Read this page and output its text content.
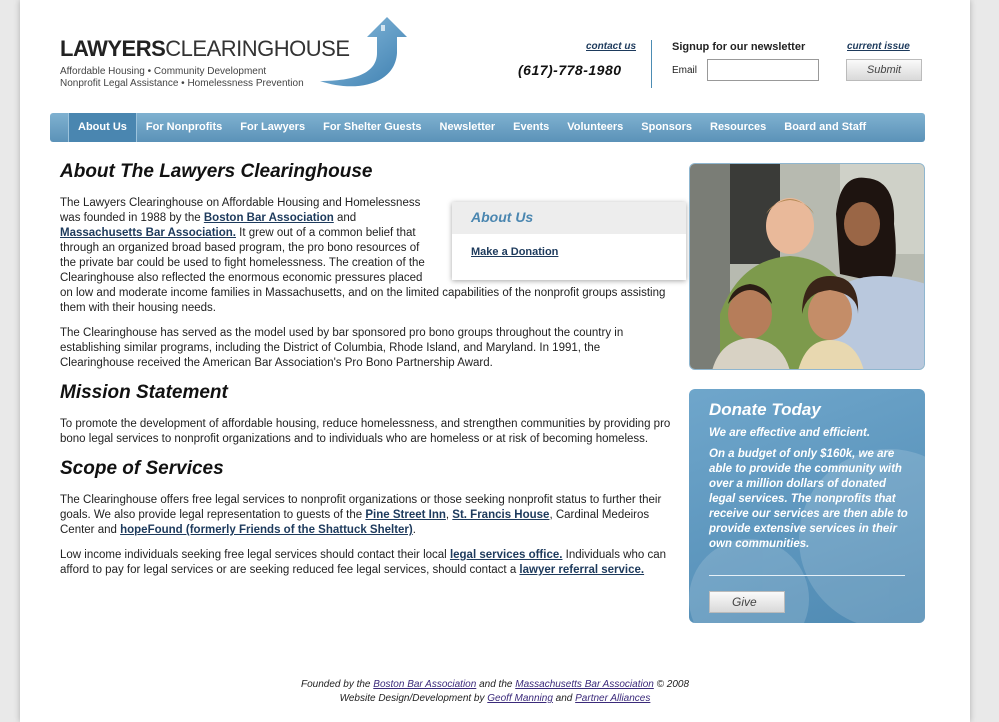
LAWYERSCLEARINGHOUSE
Affordable Housing • Community Development
Nonprofit Legal Assistance • Homelessness Prevention
contact us
(617)-778-1980
Signup for our newsletter
Email
current issue
Submit
About Us	For Nonprofits	For Lawyers	For Shelter Guests	Newsletter	Events	Volunteers	Sponsors	Resources	Board and Staff
About The Lawyers Clearinghouse
About Us
Make a Donation

The Lawyers Clearinghouse on Affordable Housing and Homelessness was founded in 1988 by the Boston Bar Association and Massachusetts Bar Association. It grew out of a common belief that through an organized broad based program, the pro bono resources of the private bar could be used to fight homelessness. The creation of the Clearinghouse also reflected the enormous economic pressures placed on low and moderate income families in Massachusetts, and on the limited capabilities of the nonprofit groups assisting them with their housing needs.

The Clearinghouse has served as the model used by bar sponsored pro bono groups throughout the country in establishing similar programs, including the District of Columbia, Rhode Island, and Maryland. In 1991, the Clearinghouse received the American Bar Association's Pro Bono Partnership Award.

Mission Statement

To promote the development of affordable housing, reduce homelessness, and strengthen communities by providing pro bono legal services to nonprofit organizations and to individuals who are homeless or at risk of becoming homeless.

Scope of Services

The Clearinghouse offers free legal services to nonprofit organizations or those seeking nonprofit status to further their goals. We also provide legal representation to guests of the Pine Street Inn, St. Francis House, Cardinal Medeiros Center and hopeFound (formerly Friends of the Shattuck Shelter).

Low income individuals seeking free legal services should contact their local legal services office. Individuals who can afford to pay for legal services or are seeking reduced fee legal services, should contact a lawyer referral service.

Donate Today
We are effective and efficient.
On a budget of only $160k, we are able to provide the community with over a million dollars of donated legal services. The nonprofits that receive our services are then able to provide extensive services in their own communities.
Give
Founded by the Boston Bar Association and the Massachusetts Bar Association © 2008
Website Design/Development by Geoff Manning and Partner Alliances
